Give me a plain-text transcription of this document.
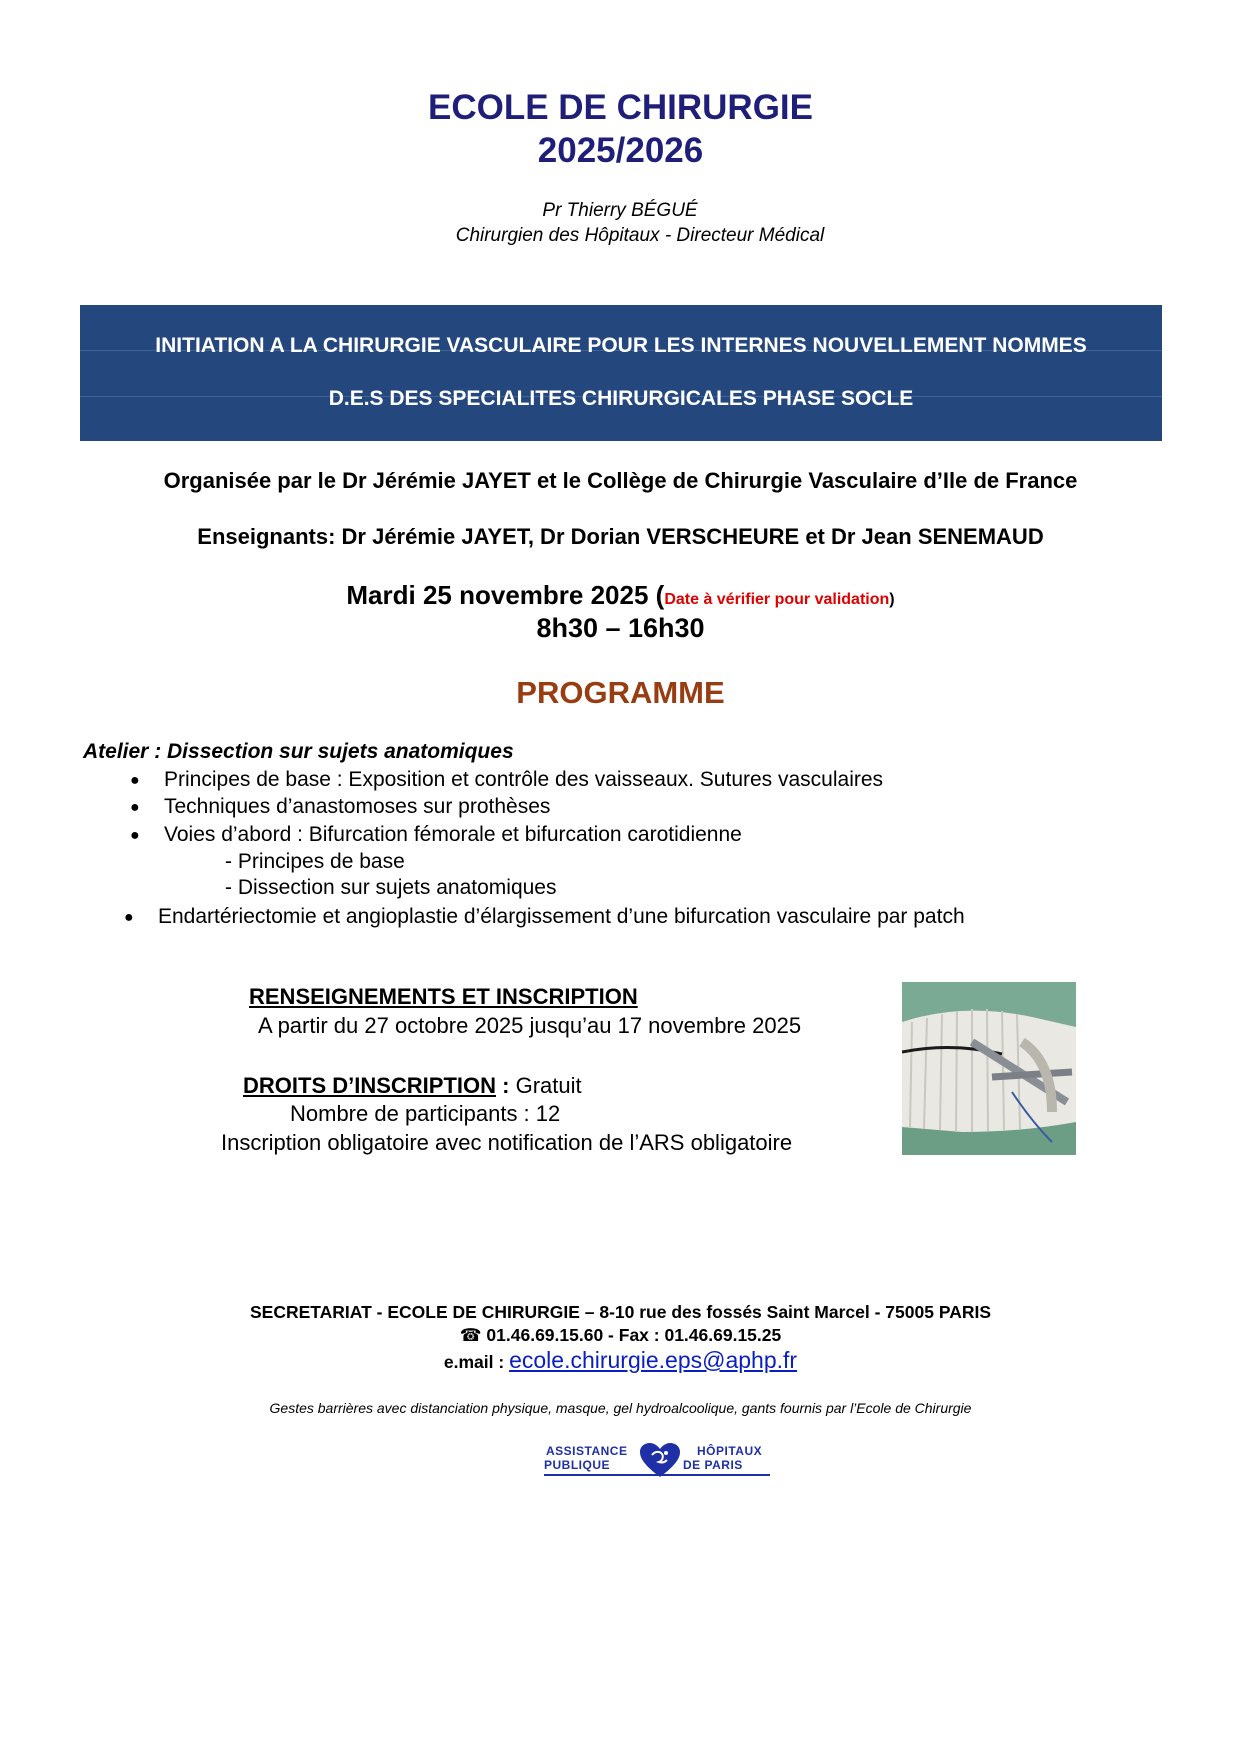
ECOLE DE CHIRURGIE
2025/2026
Pr Thierry BÉGUÉ
Chirurgien des Hôpitaux - Directeur Médical
INITIATION A LA CHIRURGIE VASCULAIRE POUR LES INTERNES NOUVELLEMENT NOMMES
D.E.S DES SPECIALITES CHIRURGICALES PHASE SOCLE
Organisée par le Dr Jérémie JAYET et le Collège de Chirurgie Vasculaire d’Ile de France
Enseignants: Dr Jérémie JAYET, Dr Dorian VERSCHEURE et Dr Jean SENEMAUD
Mardi 25 novembre 2025 (Date à vérifier pour validation)
8h30 – 16h30
PROGRAMME
Atelier : Dissection sur sujets anatomiques
●
●
●
●
Principes de base : Exposition et contrôle des vaisseaux. Sutures vasculaires
Techniques d’anastomoses sur prothèses
Voies d’abord : Bifurcation fémorale et bifurcation carotidienne
- Principes de base
- Dissection sur sujets anatomiques
Endartériectomie et angioplastie d’élargissement d’une bifurcation vasculaire par patch
RENSEIGNEMENTS ET INSCRIPTION
A partir du 27 octobre 2025 jusqu’au 17 novembre 2025
DROITS D’INSCRIPTION : Gratuit
Nombre de participants : 12
Inscription obligatoire avec notification de l’ARS obligatoire
SECRETARIAT - ECOLE DE CHIRURGIE – 8-10 rue des fossés Saint Marcel - 75005 PARIS
☎ 01.46.69.15.60 - Fax : 01.46.69.15.25
e.mail : ecole.chirurgie.eps@aphp.fr
Gestes barrières avec distanciation physique, masque, gel hydroalcoolique, gants fournis par l’Ecole de Chirurgie
ASSISTANCE
PUBLIQUE
HÔPITAUX
DE PARIS
